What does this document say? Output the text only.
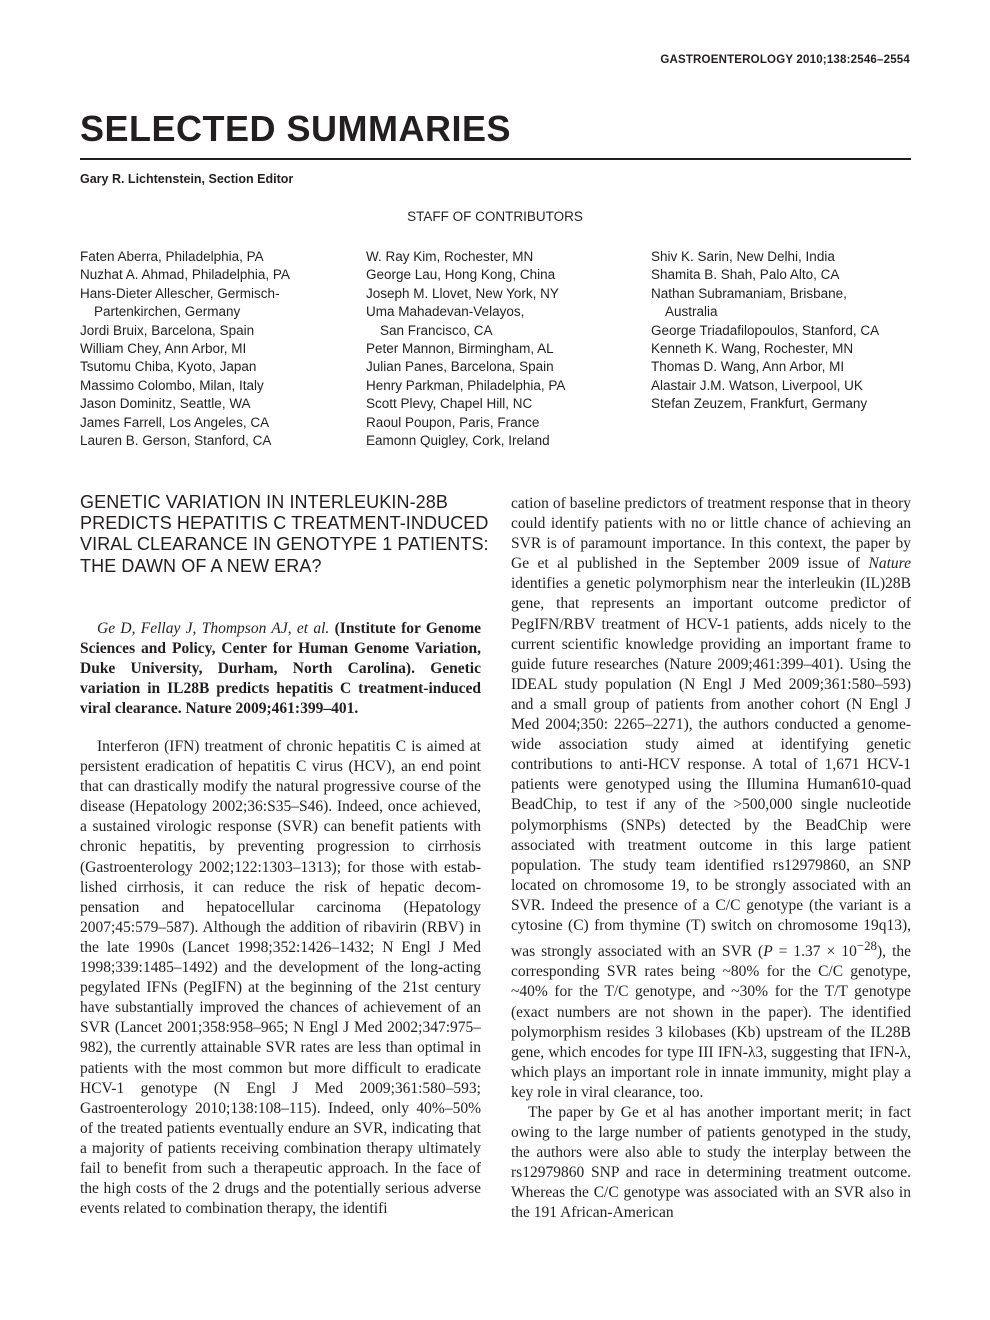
GASTROENTEROLOGY 2010;138:2546–2554
SELECTED SUMMARIES
Gary R. Lichtenstein, Section Editor
STAFF OF CONTRIBUTORS
Faten Aberra, Philadelphia, PA
Nuzhat A. Ahmad, Philadelphia, PA
Hans-Dieter Allescher, Germisch-
Partenkirchen, Germany
Jordi Bruix, Barcelona, Spain
William Chey, Ann Arbor, MI
Tsutomu Chiba, Kyoto, Japan
Massimo Colombo, Milan, Italy
Jason Dominitz, Seattle, WA
James Farrell, Los Angeles, CA
Lauren B. Gerson, Stanford, CA
W. Ray Kim, Rochester, MN
George Lau, Hong Kong, China
Joseph M. Llovet, New York, NY
Uma Mahadevan-Velayos,
San Francisco, CA
Peter Mannon, Birmingham, AL
Julian Panes, Barcelona, Spain
Henry Parkman, Philadelphia, PA
Scott Plevy, Chapel Hill, NC
Raoul Poupon, Paris, France
Eamonn Quigley, Cork, Ireland
Shiv K. Sarin, New Delhi, India
Shamita B. Shah, Palo Alto, CA
Nathan Subramaniam, Brisbane,
Australia
George Triadafilopoulos, Stanford, CA
Kenneth K. Wang, Rochester, MN
Thomas D. Wang, Ann Arbor, MI
Alastair J.M. Watson, Liverpool, UK
Stefan Zeuzem, Frankfurt, Germany
GENETIC VARIATION IN INTERLEUKIN-28B PREDICTS HEPATITIS C TREATMENT-INDUCED VIRAL CLEARANCE IN GENOTYPE 1 PATIENTS: THE DAWN OF A NEW ERA?

Ge D, Fellay J, Thompson AJ, et al. (Institute for Genome Sciences and Policy, Center for Human Genome Variation, Duke University, Durham, North Carolina). Genetic variation in IL28B predicts hepatitis C treatment-induced viral clearance. Nature 2009;461:399–401.

Interferon (IFN) treatment of chronic hepatitis C is aimed at persistent eradication of hepatitis C virus (HCV), an end point that can drastically modify the natural progressive course of the disease (Hepatology 2002;36:S35–S46). Indeed, once achieved, a sustained virologic response (SVR) can benefit patients with chronic hepatitis, by preventing progression to cirrhosis (Gastroenterology 2002;122:1303–1313); for those with established cirrhosis, it can reduce the risk of hepatic decompensation and hepatocellular carcinoma (Hepatology 2007;45:579–587). Although the addition of ribavirin (RBV) in the late 1990s (Lancet 1998;352:1426–1432; N Engl J Med 1998;339:1485–1492) and the development of the long-acting pegylated IFNs (PegIFN) at the beginning of the 21st century have substantially improved the chances of achievement of an SVR (Lancet 2001;358:958–965; N Engl J Med 2002;347:975–982), the currently attainable SVR rates are less than optimal in patients with the most common but more difficult to eradicate HCV-1 genotype (N Engl J Med 2009;361:580–593; Gastroenterology 2010;138:108–115). Indeed, only 40%–50% of the treated patients eventually endure an SVR, indicating that a majority of patients receiving combination therapy ultimately fail to benefit from such a therapeutic approach. In the face of the high costs of the 2 drugs and the potentially serious adverse events related to combination therapy, the identifi

cation of baseline predictors of treatment response that in theory could identify patients with no or little chance of achieving an SVR is of paramount importance. In this context, the paper by Ge et al published in the September 2009 issue of Nature identifies a genetic polymorphism near the interleukin (IL)28B gene, that represents an important outcome predictor of PegIFN/RBV treatment of HCV-1 patients, adds nicely to the current scientific knowledge providing an important frame to guide future researches (Nature 2009;461:399–401). Using the IDEAL study population (N Engl J Med 2009;361:580–593) and a small group of patients from another cohort (N Engl J Med 2004;350: 2265–2271), the authors conducted a genome-wide association study aimed at identifying genetic contributions to anti-HCV response. A total of 1,671 HCV-1 patients were genotyped using the Illumina Human610-quad BeadChip, to test if any of the >500,000 single nucleotide polymorphisms (SNPs) detected by the BeadChip were associated with treatment outcome in this large patient population. The study team identified rs12979860, an SNP located on chromosome 19, to be strongly associated with an SVR. Indeed the presence of a C/C genotype (the variant is a cytosine (C) from thymine (T) switch on chromosome 19q13), was strongly associated with an SVR $(P = 1.37 \times 10^{-28})$, the corresponding SVR rates being ~80% for the C/C genotype, ~40% for the T/C genotype, and ~30% for the T/T genotype (exact numbers are not shown in the paper). The identified polymorphism resides 3 kilobases (Kb) upstream of the IL28B gene, which encodes for type III IFN-λ3, suggesting that IFN-λ, which plays an important role in innate immunity, might play a key role in viral clearance, too.

The paper by Ge et al has another important merit; in fact owing to the large number of patients genotyped in the study, the authors were also able to study the interplay between the rs12979860 SNP and race in determining treatment outcome. Whereas the C/C genotype was associated with an SVR also in the 191 African-American
